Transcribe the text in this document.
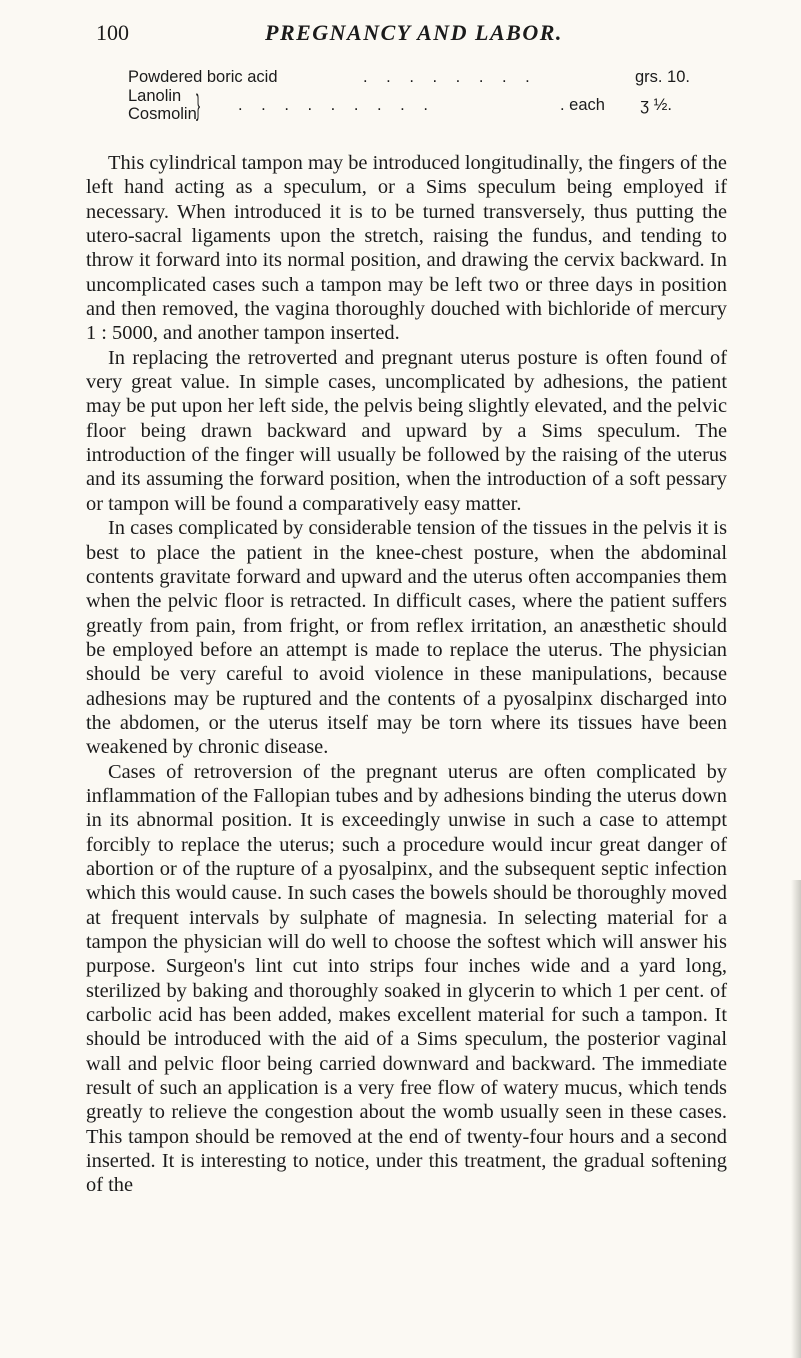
100	PREGNANCY AND LABOR.
Powdered boric acid	. . . . . . . .	grs. 10.
Lanolin
Cosmolin } . . . . . . . . .	. each ʒ ½.

This cylindrical tampon may be introduced longitudinally, the fingers of the left hand acting as a speculum, or a Sims speculum being employed if necessary. When introduced it is to be turned transversely, thus putting the utero-sacral ligaments upon the stretch, raising the fundus, and tending to throw it forward into its normal position, and drawing the cervix backward. In uncomplicated cases such a tampon may be left two or three days in position and then removed, the vagina thoroughly douched with bichloride of mercury 1 : 5000, and another tampon inserted.

In replacing the retroverted and pregnant uterus posture is often found of very great value. In simple cases, uncomplicated by adhesions, the patient may be put upon her left side, the pelvis being slightly elevated, and the pelvic floor being drawn backward and upward by a Sims speculum. The introduction of the finger will usually be followed by the raising of the uterus and its assuming the forward position, when the introduction of a soft pessary or tampon will be found a comparatively easy matter.

In cases complicated by considerable tension of the tissues in the pelvis it is best to place the patient in the knee-chest posture, when the abdominal contents gravitate forward and upward and the uterus often accompanies them when the pelvic floor is retracted. In difficult cases, where the patient suffers greatly from pain, from fright, or from reflex irritation, an anæsthetic should be employed before an attempt is made to replace the uterus. The physician should be very careful to avoid violence in these manipulations, because adhesions may be ruptured and the contents of a pyosalpinx discharged into the abdomen, or the uterus itself may be torn where its tissues have been weakened by chronic disease.

Cases of retroversion of the pregnant uterus are often complicated by inflammation of the Fallopian tubes and by adhesions binding the uterus down in its abnormal position. It is exceedingly unwise in such a case to attempt forcibly to replace the uterus; such a procedure would incur great danger of abortion or of the rupture of a pyosalpinx, and the subsequent septic infection which this would cause. In such cases the bowels should be thoroughly moved at frequent intervals by sulphate of magnesia. In selecting material for a tampon the physician will do well to choose the softest which will answer his purpose. Surgeon's lint cut into strips four inches wide and a yard long, sterilized by baking and thoroughly soaked in glycerin to which 1 per cent. of carbolic acid has been added, makes excellent material for such a tampon. It should be introduced with the aid of a Sims speculum, the posterior vaginal wall and pelvic floor being carried downward and backward. The immediate result of such an application is a very free flow of watery mucus, which tends greatly to relieve the congestion about the womb usually seen in these cases. This tampon should be removed at the end of twenty-four hours and a second inserted. It is interesting to notice, under this treatment, the gradual softening of the
